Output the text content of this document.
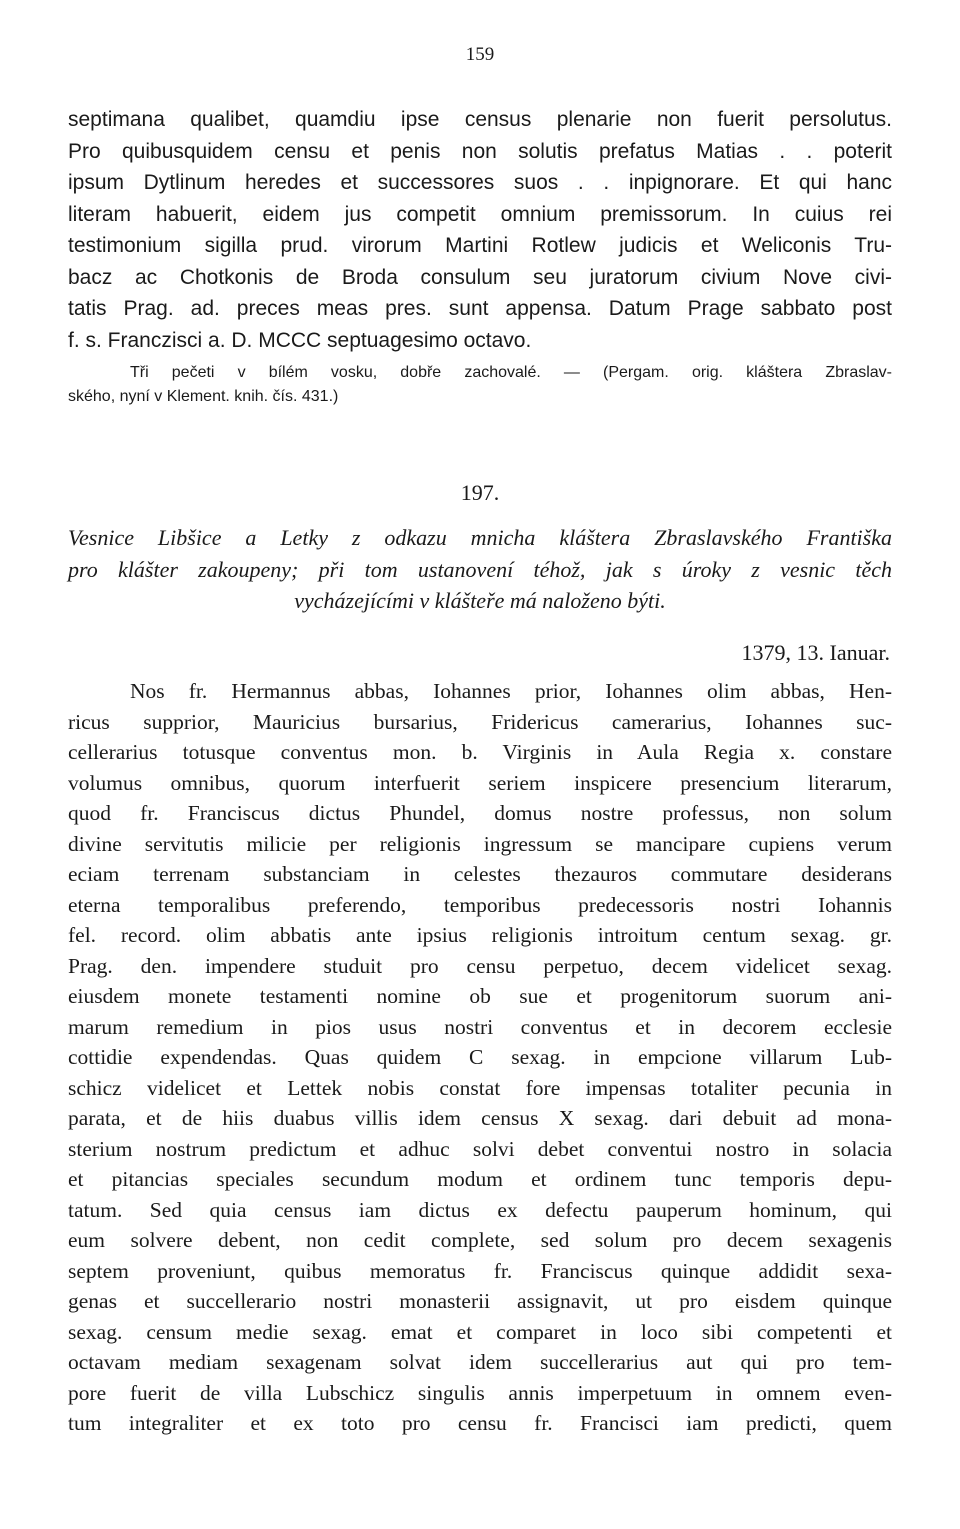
159
septimana qualibet, quamdiu ipse census plenarie non fuerit persolutus.
Pro quibusquidem censu et penis non solutis prefatus Matias . . poterit
ipsum Dytlinum heredes et successores suos . . inpignorare. Et qui hanc
literam habuerit, eidem jus competit omnium premissorum. In cuius rei
testimonium sigilla prud. virorum Martini Rotlew judicis et Weliconis Tru-
bacz ac Chotkonis de Broda consulum seu juratorum civium Nove civi-
tatis Prag. ad. preces meas pres. sunt appensa. Datum Prage sabbato post
f. s. Franczisci a. D. MCCC septuagesimo octavo.
Tři pečeti v bílém vosku, dobře zachovalé. — (Pergam. orig. kláštera Zbraslav-
ského, nyní v Klement. knih. čís. 431.)
197.
Vesnice Libšice a Letky z odkazu mnicha kláštera Zbraslavského Františka
pro klášter zakoupeny; při tom ustanovení téhož, jak s úroky z vesnic těch
vycházejícími v klášteře má naloženo býti.
1379, 13. Ianuar.
Nos fr. Hermannus abbas, Iohannes prior, Iohannes olim abbas, Hen-
ricus supprior, Mauricius bursarius, Fridericus camerarius, Iohannes suc-
cellerarius totusque conventus mon. b. Virginis in Aula Regia x. constare
volumus omnibus, quorum interfuerit seriem inspicere presencium literarum,
quod fr. Franciscus dictus Phundel, domus nostre professus, non solum
divine servitutis milicie per religionis ingressum se mancipare cupiens verum
eciam terrenam substanciam in celestes thezauros commutare desiderans
eterna temporalibus preferendo, temporibus predecessoris nostri Iohannis
fel. record. olim abbatis ante ipsius religionis introitum centum sexag. gr.
Prag. den. impendere studuit pro censu perpetuo, decem videlicet sexag.
eiusdem monete testamenti nomine ob sue et progenitorum suorum ani-
marum remedium in pios usus nostri conventus et in decorem ecclesie
cottidie expendendas. Quas quidem C sexag. in empcione villarum Lub-
schicz videlicet et Lettek nobis constat fore impensas totaliter pecunia in
parata, et de hiis duabus villis idem census X sexag. dari debuit ad mona-
sterium nostrum predictum et adhuc solvi debet conventui nostro in solacia
et pitancias speciales secundum modum et ordinem tunc temporis depu-
tatum. Sed quia census iam dictus ex defectu pauperum hominum, qui
eum solvere debent, non cedit complete, sed solum pro decem sexagenis
septem proveniunt, quibus memoratus fr. Franciscus quinque addidit sexa-
genas et succellerario nostri monasterii assignavit, ut pro eisdem quinque
sexag. censum medie sexag. emat et comparet in loco sibi competenti et
octavam mediam sexagenam solvat idem succellerarius aut qui pro tem-
pore fuerit de villa Lubschicz singulis annis imperpetuum in omnem even-
tum integraliter et ex toto pro censu fr. Francisci iam predicti, quem
